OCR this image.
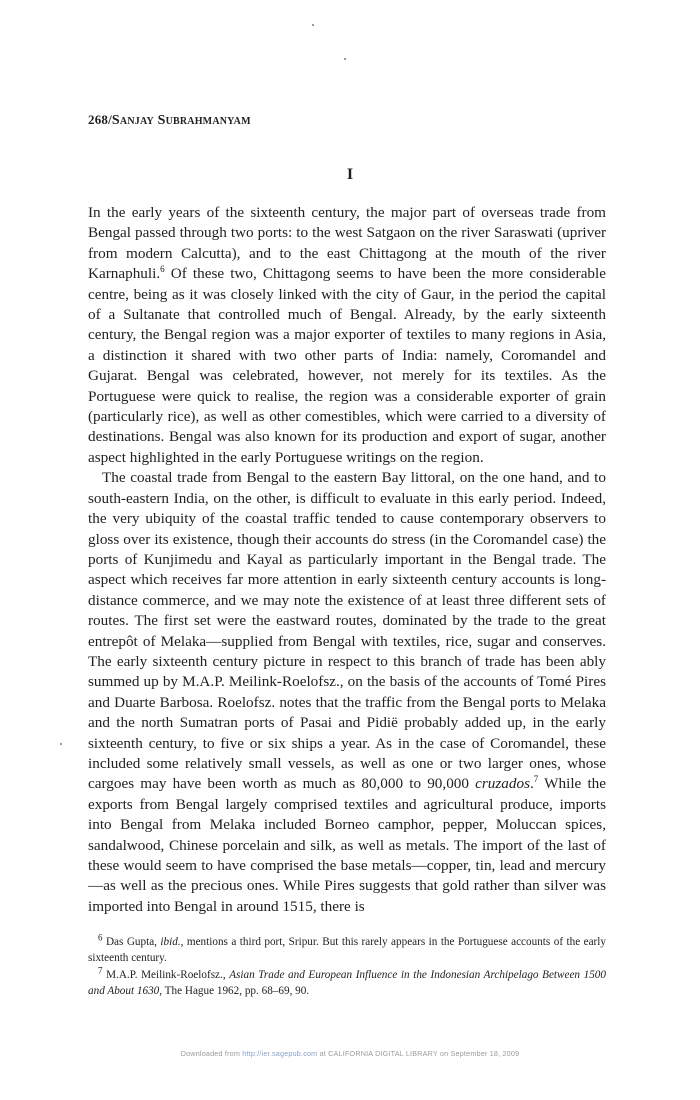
268/Sanjay Subrahmanyam
I

In the early years of the sixteenth century, the major part of overseas trade from Bengal passed through two ports: to the west Satgaon on the river Saraswati (upriver from modern Calcutta), and to the east Chittagong at the mouth of the river Karnaphuli.$^6$ Of these two, Chittagong seems to have been the more considerable centre, being as it was closely linked with the city of Gaur, in the period the capital of a Sultanate that controlled much of Bengal. Already, by the early sixteenth century, the Bengal region was a major exporter of textiles to many regions in Asia, a distinction it shared with two other parts of India: namely, Coromandel and Gujarat. Bengal was celebrated, however, not merely for its textiles. As the Portuguese were quick to realise, the region was a considerable exporter of grain (particularly rice), as well as other comestibles, which were carried to a diversity of destinations. Bengal was also known for its production and export of sugar, another aspect highlighted in the early Portuguese writings on the region.

The coastal trade from Bengal to the eastern Bay littoral, on the one hand, and to south-eastern India, on the other, is difficult to evaluate in this early period. Indeed, the very ubiquity of the coastal traffic tended to cause contemporary observers to gloss over its existence, though their accounts do stress (in the Coromandel case) the ports of Kunjimedu and Kayal as particularly important in the Bengal trade. The aspect which receives far more attention in early sixteenth century accounts is long-distance commerce, and we may note the existence of at least three different sets of routes. The first set were the eastward routes, dominated by the trade to the great entrepôt of Melaka—supplied from Bengal with textiles, rice, sugar and conserves. The early sixteenth century picture in respect to this branch of trade has been ably summed up by M.A.P. Meilink-Roelofsz., on the basis of the accounts of Tomé Pires and Duarte Barbosa. Roelofsz. notes that the traffic from the Bengal ports to Melaka and the north Sumatran ports of Pasai and Pidië probably added up, in the early sixteenth century, to five or six ships a year. As in the case of Coromandel, these included some relatively small vessels, as well as one or two larger ones, whose cargoes may have been worth as much as 80,000 to 90,000 cruzados.$^7$ While the exports from Bengal largely comprised textiles and agricultural produce, imports into Bengal from Melaka included Borneo camphor, pepper, Moluccan spices, sandalwood, Chinese porcelain and silk, as well as metals. The import of the last of these would seem to have comprised the base metals—copper, tin, lead and mercury—as well as the precious ones. While Pires suggests that gold rather than silver was imported into Bengal in around 1515, there is

$^6$ Das Gupta, ibid., mentions a third port, Sripur. But this rarely appears in the Portuguese accounts of the early sixteenth century.

$^7$ M.A.P. Meilink-Roelofsz., Asian Trade and European Influence in the Indonesian Archipelago Between 1500 and About 1630, The Hague 1962, pp. 68–69, 90.

Downloaded from http://ier.sagepub.com at CALIFORNIA DIGITAL LIBRARY on September 18, 2009
